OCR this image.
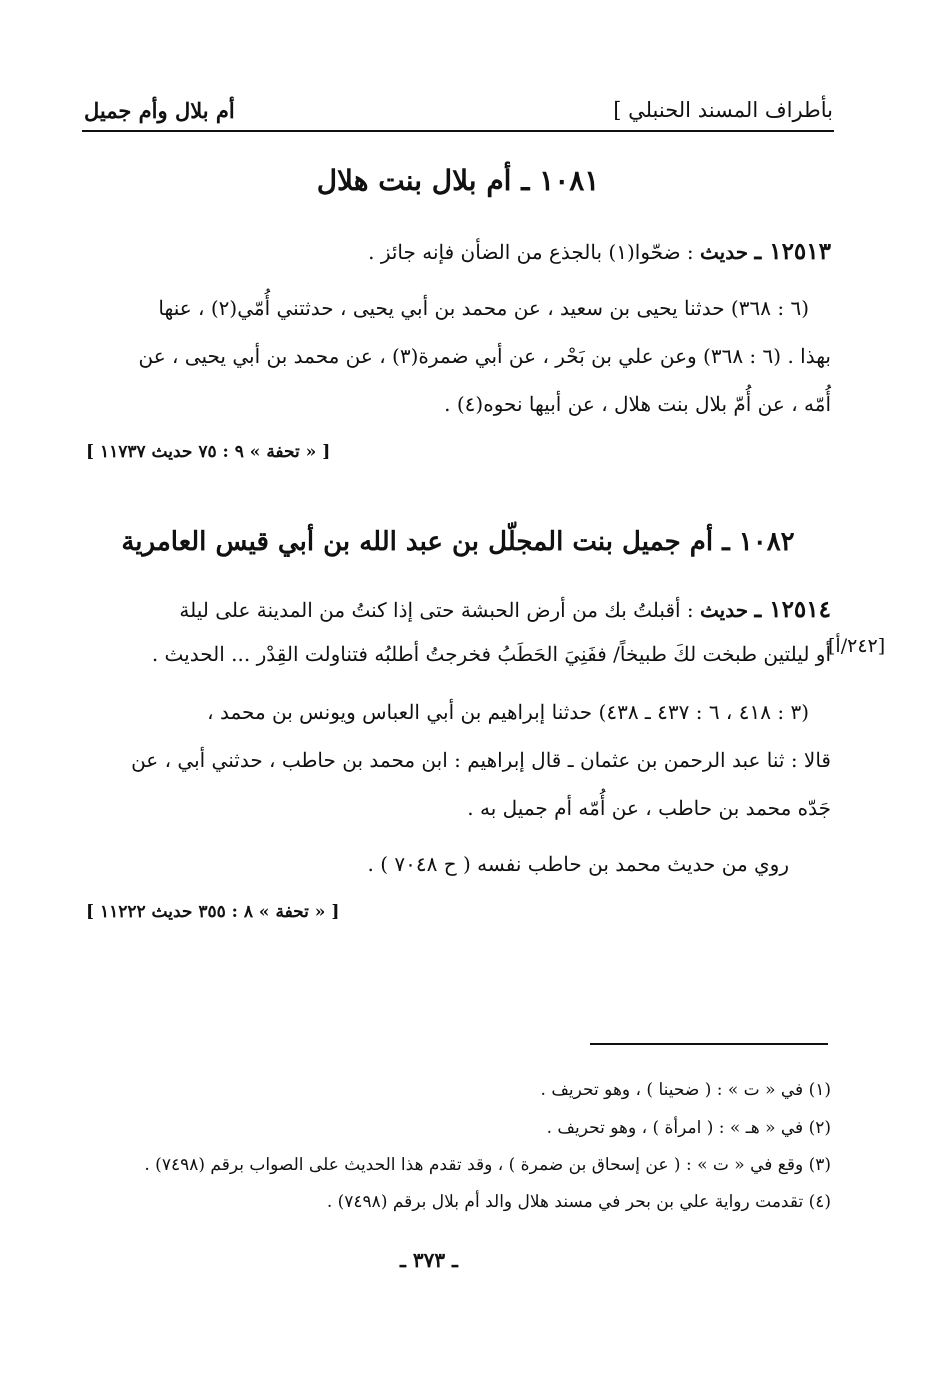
أم بلال وأم جميل	بأطراف المسند الحنبلي ]
١٠٨١ ـ أم بلال بنت هلال
١٢٥١٣ ـ حديث : ضحّوا(١) بالجذع من الضأن فإنه جائز .
(٦ : ٣٦٨) حدثنا يحيى بن سعيد ، عن محمد بن أبي يحيى ، حدثتني أُمّي(٢) ، عنها
بهذا . (٦ : ٣٦٨) وعن علي بن بَحْر ، عن أبي ضمرة(٣) ، عن محمد بن أبي يحيى ، عن
أُمّه ، عن أُمّ بلال بنت هلال ، عن أبيها نحوه(٤) .
[ « تحفة » ٩ : ٧٥ حديث ١١٧٣٧ ]
١٠٨٢ ـ أم جميل بنت المجلّل بن عبد الله بن أبي قيس العامرية
١٢٥١٤ ـ حديث : أقبلتُ بك من أرض الحبشة حتى إذا كنتُ من المدينة على ليلة
أو ليلتين طبخت لكَ طبيخاً/ ففَنِيَ الحَطَبُ فخرجتُ أطلبُه فتناولت القِدْر ... الحديث .
[٢٤٢/أ]
(٣ : ٤١٨ ، ٦ : ٤٣٧ ـ ٤٣٨) حدثنا إبراهيم بن أبي العباس ويونس بن محمد ،
قالا : ثنا عبد الرحمن بن عثمان ـ قال إبراهيم : ابن محمد بن حاطب ، حدثني أبي ، عن
جَدّه محمد بن حاطب ، عن أُمّه أم جميل به .
روي من حديث محمد بن حاطب نفسه ( ح ٧٠٤٨ ) .
[ « تحفة » ٨ : ٣٥٥ حديث ١١٢٢٢ ]
(١) في « ت » : ( ضحينا ) ، وهو تحريف .
(٢) في « هـ » : ( امرأة ) ، وهو تحريف .
(٣) وقع في « ت » : ( عن إسحاق بن ضمرة ) ، وقد تقدم هذا الحديث على الصواب برقم (٧٤٩٨) .
(٤) تقدمت رواية علي بن بحر في مسند هلال والد أم بلال برقم (٧٤٩٨) .
ـ ٣٧٣ ـ
